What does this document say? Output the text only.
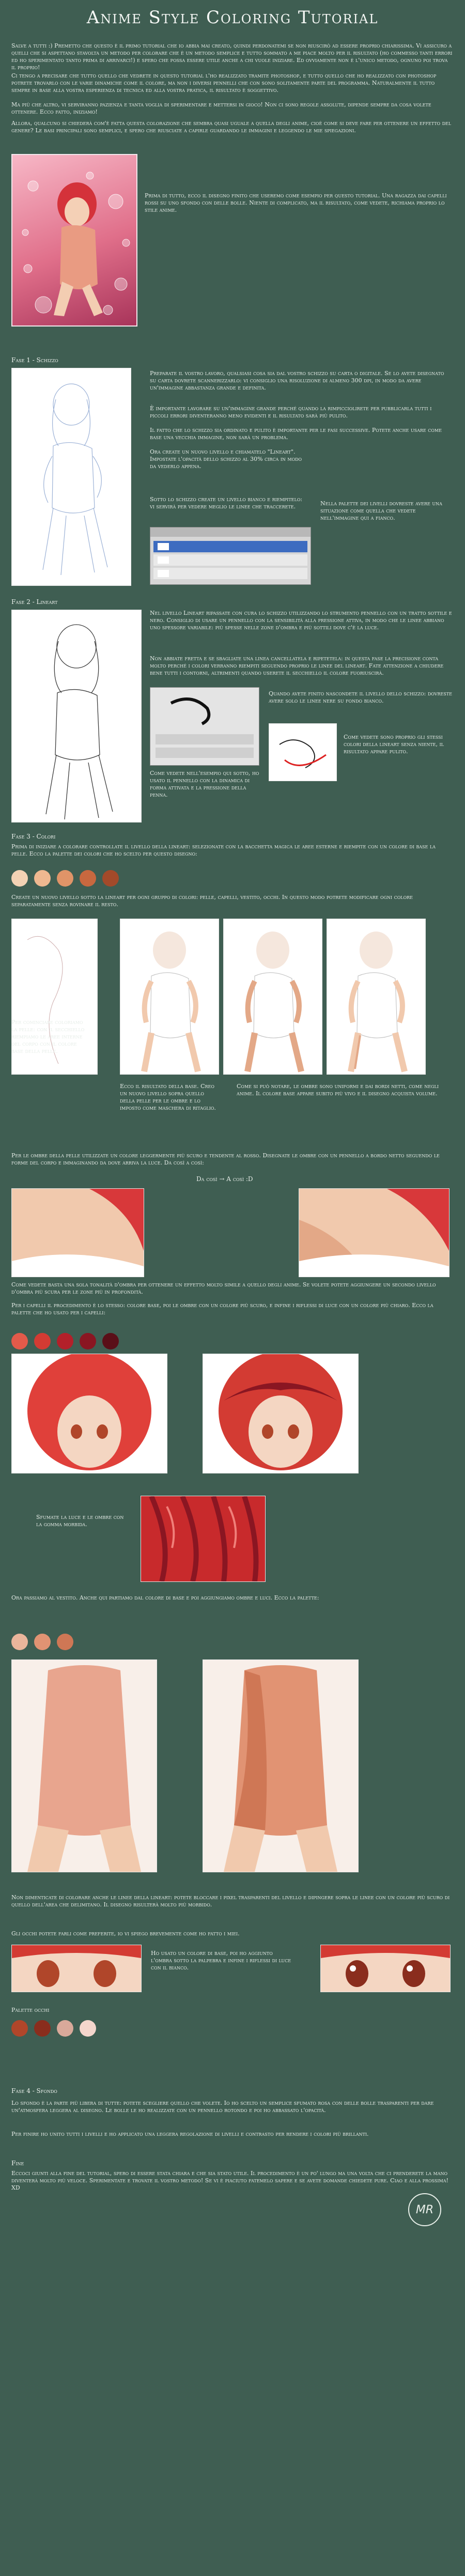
Anime Style Coloring Tutorial

Salve a tutti :) Premetto che questo è il primo tutorial che io abbia mai creato, quindi perdonatemi se non riuscirò ad essere proprio chiarissima. Vi assicuro a quelli che si aspettano stavolta un metodo per colorare che è un metodo semplice e tutto sommato a me piace molto per il risultato (ho commesso tanti errori ed ho sperimentato tanto prima di arrivarci!) e spero che possa essere utile anche a chi vuole iniziare. Ed ovviamente non è l'unico metodo, ognuno poi trova il proprio!

Ci tengo a precisare che tutto quello che vedrete in questo tutorial l'ho realizzato tramite photoshop, e tutto quello che ho realizzato con photoshop potrete trovarlo con le varie dinamiche come il colore, ma non i diversi pennelli che con sono solitamente parte del programma. Naturalmente il tutto sempre in base alla vostra esperienza di tecnica ed alla vostra pratica, il risultato è soggettivo.

Ma più che altro, vi serviranno pazienza e tanta voglia di sperimentare e mettersi in gioco! Non ci sono regole assolute, dipende sempre da cosa volete ottenere. Ecco fatto, iniziamo!

Allora, qualcuno si chiederà com'è fatta questa colorazione che sembra quasi uguale a quella degli anime, cioè come si deve fare per ottenere un effetto del genere? Le basi principali sono semplici, e spero che riusciate a capirle guardando le immagini e leggendo le mie spiegazioni.

Prima di tutto, ecco il disegno finito che useremo come esempio per questo tutorial. Una ragazza dai capelli rossi su uno sfondo con delle bolle. Niente di complicato, ma il risultato, come vedete, richiama proprio lo stile anime.

Fase 1 - Schizzo

Preparate il vostro lavoro, qualsiasi cosa sia dal vostro schizzo su carta o digitale. Se lo avete disegnato su carta dovrete scannerizzarlo: vi consiglio una risoluzione di almeno 300 dpi, in modo da avere un'immagine abbastanza grande e definita.

È importante lavorare su un'immagine grande perché quando la rimpicciolirete per pubblicarla tutti i piccoli errori diventeranno meno evidenti e il risultato sarà più pulito.

Il fatto che lo schizzo sia ordinato e pulito è importante per le fasi successive. Potete anche usare come base una vecchia immagine, non sarà un problema.

Ora create un nuovo livello e chiamatelo "Lineart". Impostate l'opacità dello schizzo al 30% circa in modo da vederlo appena.

Sotto lo schizzo create un livello bianco e riempitelo: vi servirà per vedere meglio le linee che traccerete.	Nella palette dei livelli dovreste avere una situazione come quella che vedete nell'immagine qui a fianco.

Fase 2 - Lineart

Nel livello Lineart ripassate con cura lo schizzo utilizzando lo strumento pennello con un tratto sottile e nero. Consiglio di usare un pennello con la sensibilità alla pressione attiva, in modo che le linee abbiano uno spessore variabile: più spesse nelle zone d'ombra e più sottili dove c'è la luce.

Non abbiate fretta e se sbagliate una linea cancellatela e ripetetela: in questa fase la precisione conta molto perché i colori verranno riempiti seguendo proprio le linee del lineart. Fate attenzione a chiudere bene tutti i contorni, altrimenti quando userete il secchiello il colore fuoriuscirà.

Quando avete finito nascondete il livello dello schizzo: dovreste avere solo le linee nere su fondo bianco.

Come vedete sono proprio gli stessi colori della lineart senza niente, il risultato appare pulito.

Come vedete nell'esempio qui sotto, ho usato il pennello con la dinamica di forma attivata e la pressione della penna.

Fase 3 - Colori

Prima di iniziare a colorare controllate il livello della lineart: selezionate con la bacchetta magica le aree esterne e riempite con un colore di base la pelle. Ecco la palette dei colori che ho scelto per questo disegno:

Create un nuovo livello sotto la lineart per ogni gruppo di colori: pelle, capelli, vestito, occhi. In questo modo potrete modificare ogni colore separatamente senza rovinare il resto.

Per cominciare coloriamo la pelle: con il secchiello riempiamo le aree interne del corpo con il colore base della pelle.

Ecco il risultato della base. Creo un nuovo livello sopra quello della pelle per le ombre e lo imposto come maschera di ritaglio.

Come si può notare, le ombre sono uniformi e dai bordi netti, come negli anime. Il colore base appare subito più vivo e il disegno acquista volume.

Per le ombre della pelle utilizzate un colore leggermente più scuro e tendente al rosso. Disegnate le ombre con un pennello a bordo netto seguendo le forme del corpo e immaginando da dove arriva la luce. Da così a così:

Da così → A così :D

Come vedete basta una sola tonalità d'ombra per ottenere un effetto molto simile a quello degli anime. Se volete potete aggiungere un secondo livello d'ombra più scura per le zone più in profondità.

Per i capelli il procedimento è lo stesso: colore base, poi le ombre con un colore più scuro, e infine i riflessi di luce con un colore più chiaro. Ecco la palette che ho usato per i capelli:

Sfumate la luce e le ombre con la gomma morbida.

Ora passiamo al vestito. Anche qui partiamo dal colore di base e poi aggiungiamo ombre e luci. Ecco la palette:

Non dimenticate di colorare anche le linee della lineart: potete bloccare i pixel trasparenti del livello e dipingere sopra le linee con un colore più scuro di quello dell'area che delimitano. Il disegno risulterà molto più morbido.

Gli occhi potete farli come preferite, io vi spiego brevemente come ho fatto i miei.

Ho usato un colore di base, poi ho aggiunto l'ombra sotto la palpebra e infine i riflessi di luce con il bianco.

Palette occhi
Fase 4 - Sfondo

Lo sfondo è la parte più libera di tutte: potete scegliere quello che volete. Io ho scelto un semplice sfumato rosa con delle bolle trasparenti per dare un'atmosfera leggera al disegno. Le bolle le ho realizzate con un pennello rotondo e poi ho abbassato l'opacità.

Per finire ho unito tutti i livelli e ho applicato una leggera regolazione di livelli e contrasto per rendere i colori più brillanti.

Fine

Eccoci giunti alla fine del tutorial, spero di essere stata chiara e che sia stato utile. Il procedimento è un po' lungo ma una volta che ci prenderete la mano diventerà molto più veloce. Sperimentate e trovate il vostro metodo! Se vi è piaciuto fatemelo sapere e se avete domande chiedete pure. Ciao e alla prossima! XD

MR
